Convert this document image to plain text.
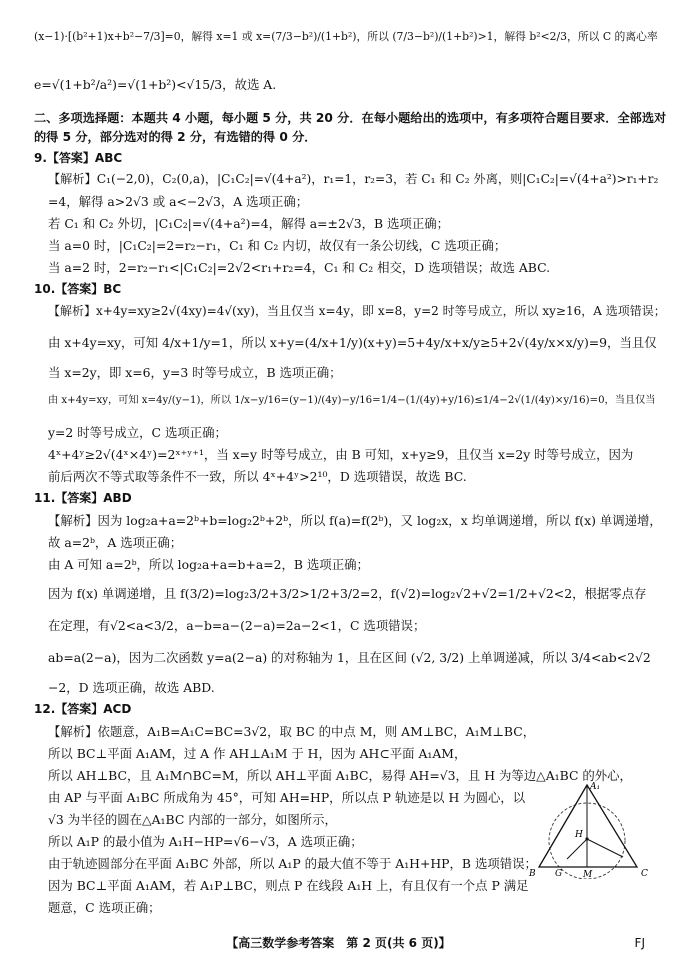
(x−1)·[(b²+1)x+b²−7/3]=0，解得 x=1 或 x=(7/3−b²)/(1+b²)，所以 (7/3−b²)/(1+b²)>1，解得 b²<2/3，所以 C 的离心率
e=√(1+b²/a²)=√(1+b²)<√15/3，故选 A.
二、多项选择题：本题共 4 小题，每小题 5 分，共 20 分．在每小题给出的选项中，有多项符合题目要求．全部选对
的得 5 分，部分选对的得 2 分，有选错的得 0 分．
9.【答案】ABC
【解析】C₁(−2,0)，C₂(0,a)，|C₁C₂|=√(4+a²)，r₁=1，r₂=3，若 C₁ 和 C₂ 外离，则|C₁C₂|=√(4+a²)>r₁+r₂
=4，解得 a>2√3 或 a<−2√3，A 选项正确；
若 C₁ 和 C₂ 外切，|C₁C₂|=√(4+a²)=4，解得 a=±2√3，B 选项正确；
当 a=0 时，|C₁C₂|=2=r₂−r₁，C₁ 和 C₂ 内切，故仅有一条公切线，C 选项正确；
当 a=2 时，2=r₂−r₁<|C₁C₂|=2√2<r₁+r₂=4，C₁ 和 C₂ 相交，D 选项错误；故选 ABC.
10.【答案】BC
【解析】x+4y=xy≥2√(4xy)=4√(xy)，当且仅当 x=4y，即 x=8，y=2 时等号成立，所以 xy≥16，A 选项错误；
由 x+4y=xy，可知 4/x+1/y=1，所以 x+y=(4/x+1/y)(x+y)=5+4y/x+x/y≥5+2√(4y/x×x/y)=9，当且仅
当 x=2y，即 x=6，y=3 时等号成立，B 选项正确；
由 x+4y=xy，可知 x=4y/(y−1)，所以 1/x−y/16=(y−1)/(4y)−y/16=1/4−(1/(4y)+y/16)≤1/4−2√(1/(4y)×y/16)=0，当且仅当
y=2 时等号成立，C 选项正确；
4ˣ+4ʸ≥2√(4ˣ×4ʸ)=2ˣ⁺ʸ⁺¹，当 x=y 时等号成立，由 B 可知，x+y≥9，且仅当 x=2y 时等号成立，因为
前后两次不等式取等条件不一致，所以 4ˣ+4ʸ>2¹⁰，D 选项错误，故选 BC.
11.【答案】ABD
【解析】因为 log₂a+a=2ᵇ+b=log₂2ᵇ+2ᵇ，所以 f(a)=f(2ᵇ)，又 log₂x，x 均单调递增，所以 f(x) 单调递增，
故 a=2ᵇ，A 选项正确；
由 A 可知 a=2ᵇ，所以 log₂a+a=b+a=2，B 选项正确；
因为 f(x) 单调递增，且 f(3/2)=log₂3/2+3/2>1/2+3/2=2，f(√2)=log₂√2+√2=1/2+√2<2，根据零点存
在定理，有√2<a<3/2，a−b=a−(2−a)=2a−2<1，C 选项错误；
ab=a(2−a)，因为二次函数 y=a(2−a) 的对称轴为 1，且在区间 (√2, 3/2) 上单调递减，所以 3/4<ab<2√2
−2，D 选项正确，故选 ABD.
12.【答案】ACD
【解析】依题意，A₁B=A₁C=BC=3√2，取 BC 的中点 M，则 AM⊥BC，A₁M⊥BC，
所以 BC⊥平面 A₁AM，过 A 作 AH⊥A₁M 于 H，因为 AH⊂平面 A₁AM，
所以 AH⊥BC，且 A₁M∩BC=M，所以 AH⊥平面 A₁BC，易得 AH=√3，且 H 为等边△A₁BC 的外心，
由 AP 与平面 A₁BC 所成角为 45°，可知 AH=HP，所以点 P 轨迹是以 H 为圆心，以
√3 为半径的圆在△A₁BC 内部的一部分，如图所示，
所以 A₁P 的最小值为 A₁H−HP=√6−√3，A 选项正确；
由于轨迹圆部分在平面 A₁BC 外部，所以 A₁P 的最大值不等于 A₁H+HP，B 选项错误；
因为 BC⊥平面 A₁AM，若 A₁P⊥BC，则点 P 在线段 A₁H 上，有且仅有一个点 P 满足
题意，C 选项正确；
A₁
H
B G M	C
【高三数学参考答案　第 2 页(共 6 页)】	FJ
